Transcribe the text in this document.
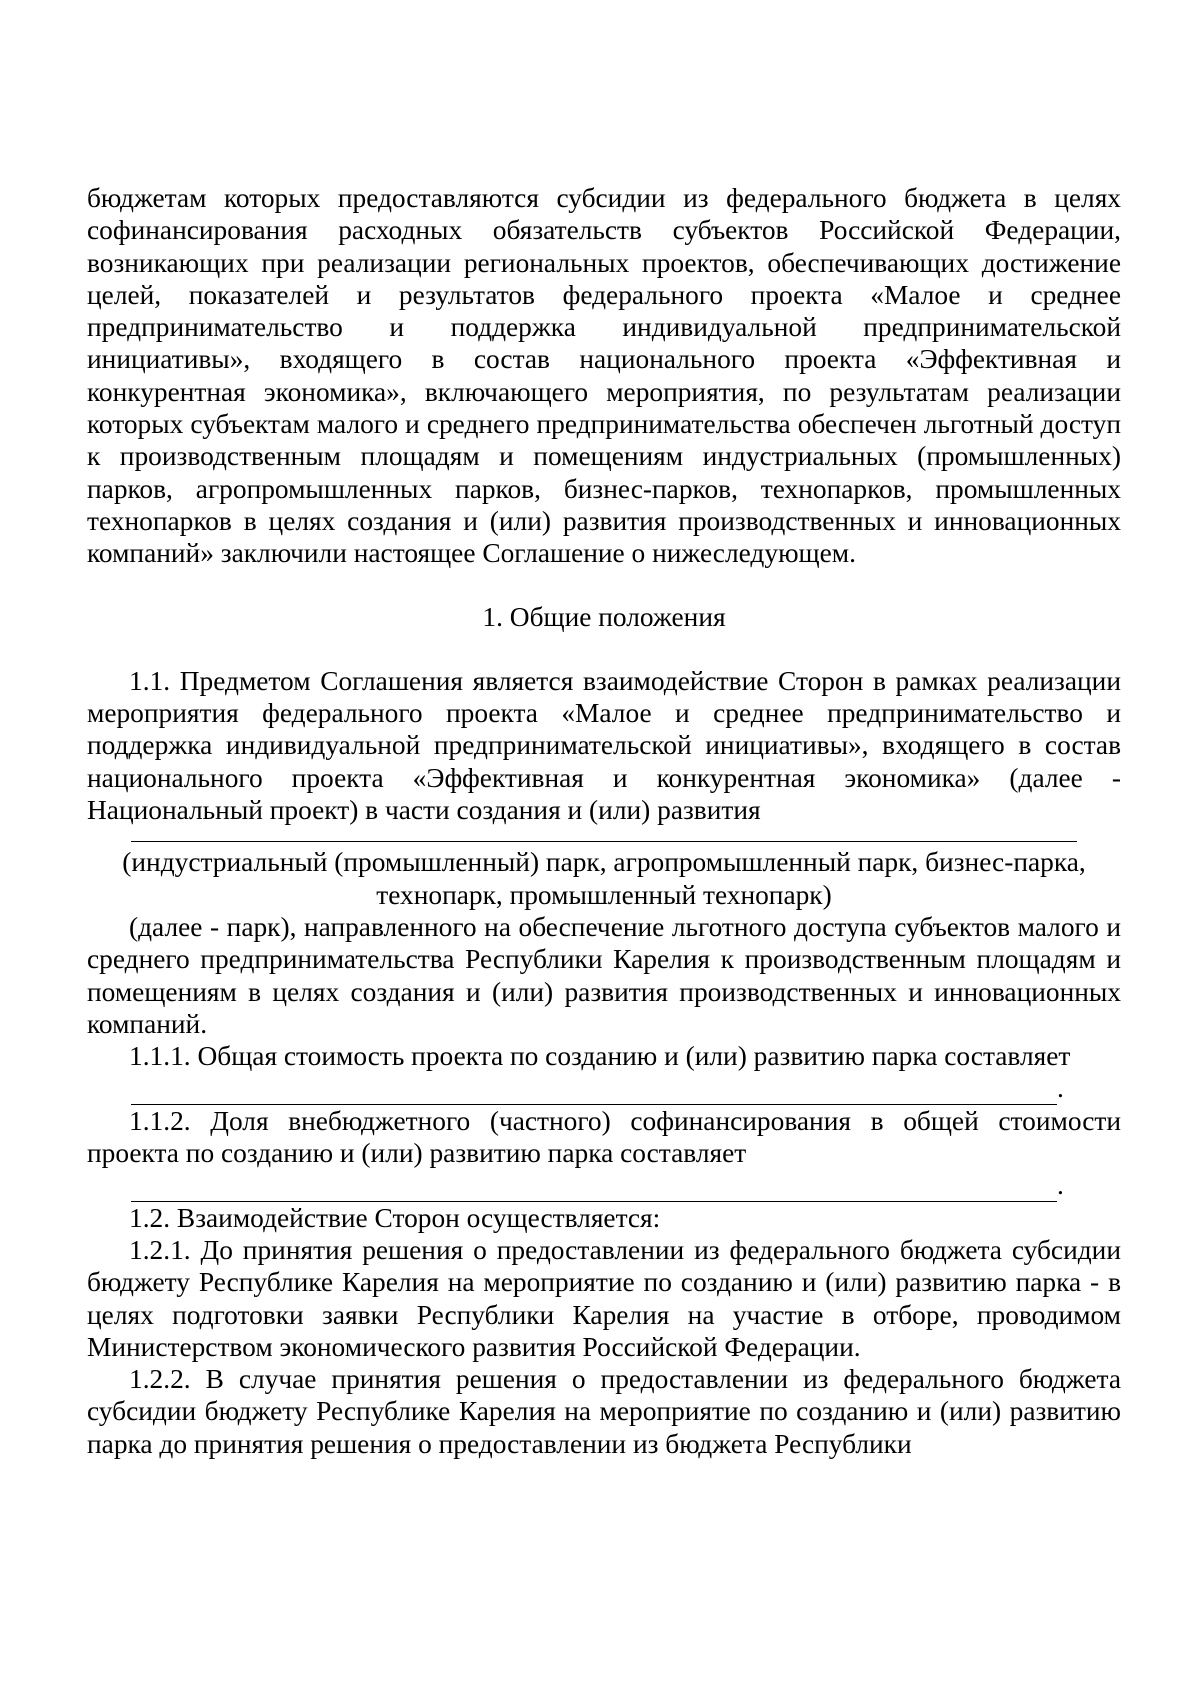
бюджетам которых предоставляются субсидии из федерального бюджета в целях софинансирования расходных обязательств субъектов Российской Федерации, возникающих при реализации региональных проектов, обеспечивающих достижение целей, показателей и результатов федерального проекта «Малое и среднее предпринимательство и поддержка индивидуальной предпринимательской инициативы», входящего в состав национального проекта «Эффективная и конкурентная экономика», включающего мероприятия, по результатам реализации которых субъектам малого и среднего предпринимательства обеспечен льготный доступ к производственным площадям и помещениям индустриальных (промышленных) парков, агропромышленных парков, бизнес-парков, технопарков, промышленных технопарков в целях создания и (или) развития производственных и инновационных компаний» заключили настоящее Соглашение о нижеследующем.

1. Общие положения

1.1. Предметом Соглашения является взаимодействие Сторон в рамках реализации мероприятия федерального проекта «Малое и среднее предпринимательство и поддержка индивидуальной предпринимательской инициативы», входящего в состав национального проекта «Эффективная и конкурентная экономика» (далее - Национальный проект) в части создания и (или) развития

(индустриальный (промышленный) парк, агропромышленный парк, бизнес-парка, технопарк, промышленный технопарк)

(далее - парк), направленного на обеспечение льготного доступа субъектов малого и среднего предпринимательства Республики Карелия к производственным площадям и помещениям в целях создания и (или) развития производственных и инновационных компаний.

1.1.1. Общая стоимость проекта по созданию и (или) развитию парка составляет

.

1.1.2. Доля внебюджетного (частного) софинансирования в общей стоимости проекта по созданию и (или) развитию парка составляет

.

1.2. Взаимодействие Сторон осуществляется:

1.2.1. До принятия решения о предоставлении из федерального бюджета субсидии бюджету Республике Карелия на мероприятие по созданию и (или) развитию парка - в целях подготовки заявки Республики Карелия на участие в отборе, проводимом Министерством экономического развития Российской Федерации.

1.2.2. В случае принятия решения о предоставлении из федерального бюджета субсидии бюджету Республике Карелия на мероприятие по созданию и (или) развитию парка до принятия решения о предоставлении из бюджета Республики
